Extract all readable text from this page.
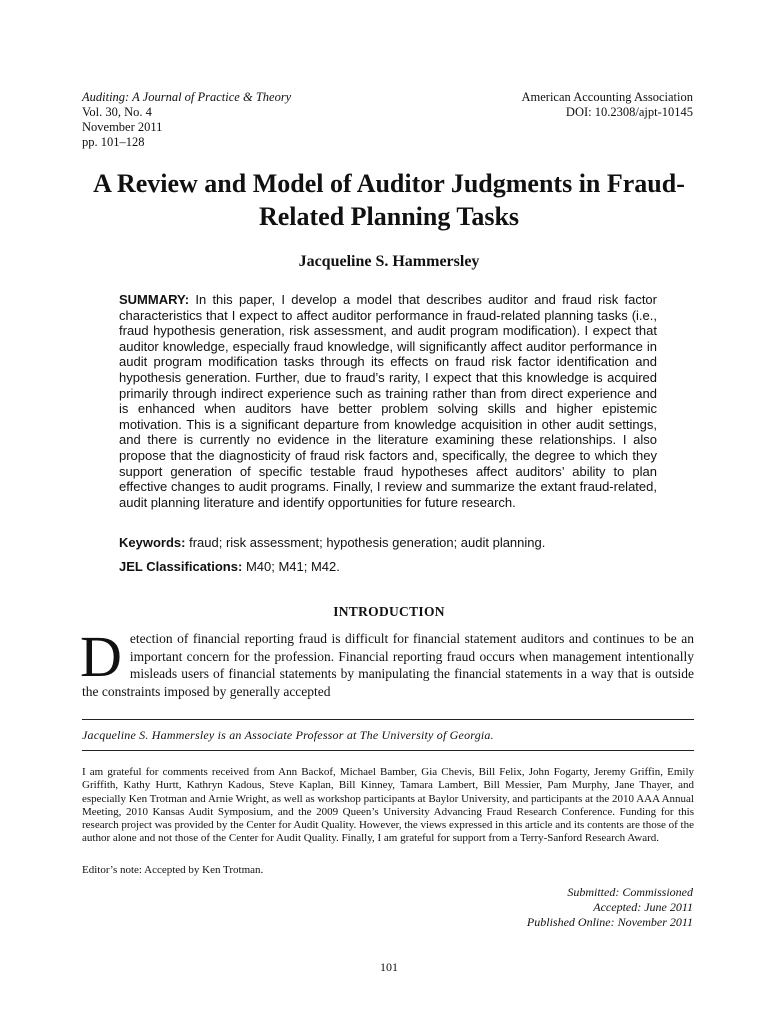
Auditing: A Journal of Practice & Theory
Vol. 30, No. 4
November 2011
pp. 101–128
American Accounting Association
DOI: 10.2308/ajpt-10145
A Review and Model of Auditor Judgments in Fraud-Related Planning Tasks
Jacqueline S. Hammersley
SUMMARY: In this paper, I develop a model that describes auditor and fraud risk factor characteristics that I expect to affect auditor performance in fraud-related planning tasks (i.e., fraud hypothesis generation, risk assessment, and audit program modification). I expect that auditor knowledge, especially fraud knowledge, will significantly affect auditor performance in audit program modification tasks through its effects on fraud risk factor identification and hypothesis generation. Further, due to fraud’s rarity, I expect that this knowledge is acquired primarily through indirect experience such as training rather than from direct experience and is enhanced when auditors have better problem solving skills and higher epistemic motivation. This is a significant departure from knowledge acquisition in other audit settings, and there is currently no evidence in the literature examining these relationships. I also propose that the diagnosticity of fraud risk factors and, specifically, the degree to which they support generation of specific testable fraud hypotheses affect auditors’ ability to plan effective changes to audit programs. Finally, I review and summarize the extant fraud-related, audit planning literature and identify opportunities for future research.
Keywords: fraud; risk assessment; hypothesis generation; audit planning.
JEL Classifications: M40; M41; M42.
INTRODUCTION
Detection of financial reporting fraud is difficult for financial statement auditors and continues to be an important concern for the profession. Financial reporting fraud occurs when management intentionally misleads users of financial statements by manipulating the financial statements in a way that is outside the constraints imposed by generally accepted
Jacqueline S. Hammersley is an Associate Professor at The University of Georgia.
I am grateful for comments received from Ann Backof, Michael Bamber, Gia Chevis, Bill Felix, John Fogarty, Jeremy Griffin, Emily Griffith, Kathy Hurtt, Kathryn Kadous, Steve Kaplan, Bill Kinney, Tamara Lambert, Bill Messier, Pam Murphy, Jane Thayer, and especially Ken Trotman and Arnie Wright, as well as workshop participants at Baylor University, and participants at the 2010 AAA Annual Meeting, 2010 Kansas Audit Symposium, and the 2009 Queen’s University Advancing Fraud Research Conference. Funding for this research project was provided by the Center for Audit Quality. However, the views expressed in this article and its contents are those of the author alone and not those of the Center for Audit Quality. Finally, I am grateful for support from a Terry-Sanford Research Award.
Editor’s note: Accepted by Ken Trotman.
Submitted: Commissioned
Accepted: June 2011
Published Online: November 2011
101
